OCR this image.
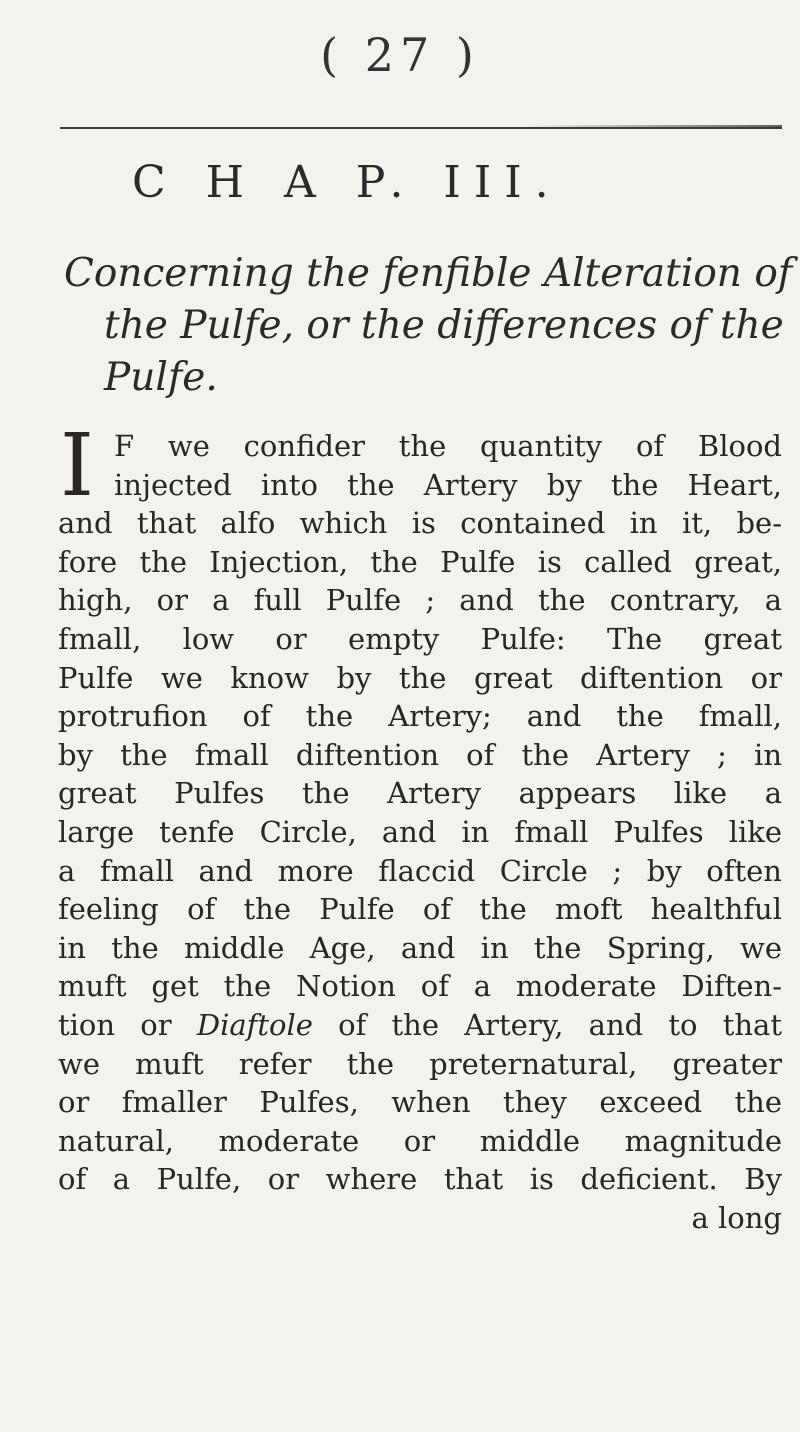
( 27 )
C H A P. III.
Concerning the fenfible Alteration of
the Pulfe, or the differences of the
Pulfe.
I F we confider the quantity of Blood
injected into the Artery by the Heart,
and that alfo which is contained in it, be-
fore the Injection, the Pulfe is called great,
high, or a full Pulfe ; and the contrary, a
fmall, low or empty Pulfe: The great
Pulfe we know by the great diftention or
protrufion of the Artery; and the fmall,
by the fmall diftention of the Artery ; in
great Pulfes the Artery appears like a
large tenfe Circle, and in fmall Pulfes like
a fmall and more flaccid Circle ; by often
feeling of the Pulfe of the moft healthful
in the middle Age, and in the Spring, we
muft get the Notion of a moderate Diften-
tion or Diaftole of the Artery, and to that
we muft refer the preternatural, greater
or fmaller Pulfes, when they exceed the
natural, moderate or middle magnitude
of a Pulfe, or where that is deficient. By
a long
